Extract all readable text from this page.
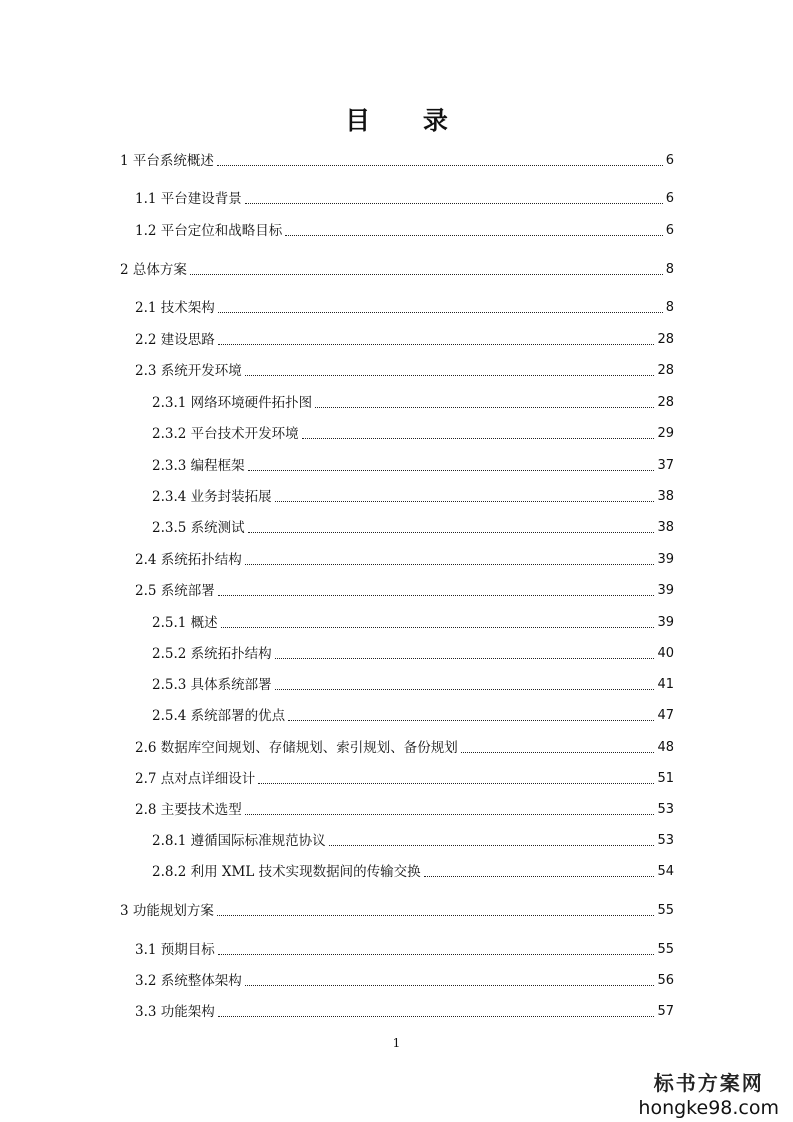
目 录
1 平台系统概述	6
1.1 平台建设背景	6
1.2 平台定位和战略目标	6
2 总体方案	8
2.1 技术架构	8
2.2 建设思路	28
2.3 系统开发环境	28
2.3.1 网络环境硬件拓扑图	28
2.3.2 平台技术开发环境	29
2.3.3 编程框架	37
2.3.4 业务封装拓展	38
2.3.5 系统测试	38
2.4 系统拓扑结构	39
2.5 系统部署	39
2.5.1 概述	39
2.5.2 系统拓扑结构	40
2.5.3 具体系统部署	41
2.5.4 系统部署的优点	47
2.6 数据库空间规划、存储规划、索引规划、备份规划	48
2.7 点对点详细设计	51
2.8 主要技术选型	53
2.8.1 遵循国际标准规范协议	53
2.8.2 利用 XML 技术实现数据间的传输交换	54
3 功能规划方案	55
3.1 预期目标	55
3.2 系统整体架构	56
3.3 功能架构	57
1
标书方案网
hongke98.com
